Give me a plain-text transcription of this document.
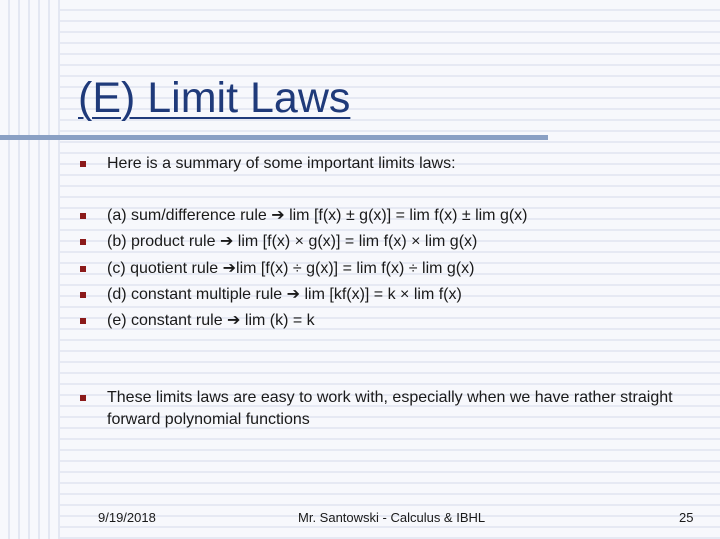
(E) Limit Laws
Here is a summary of some important limits laws:
(a) sum/difference rule ➔ lim [f(x) ± g(x)] = lim f(x) ± lim g(x)
(b) product rule ➔ lim [f(x) × g(x)] = lim f(x) × lim g(x)
(c) quotient rule ➔lim [f(x) ÷ g(x)] = lim f(x) ÷ lim g(x)
(d) constant multiple rule ➔ lim [kf(x)] = k × lim f(x)
(e) constant rule ➔ lim (k) = k
These limits laws are easy to work with, especially when we have rather straight forward polynomial functions
9/19/2018	Mr. Santowski - Calculus & IBHL	25
